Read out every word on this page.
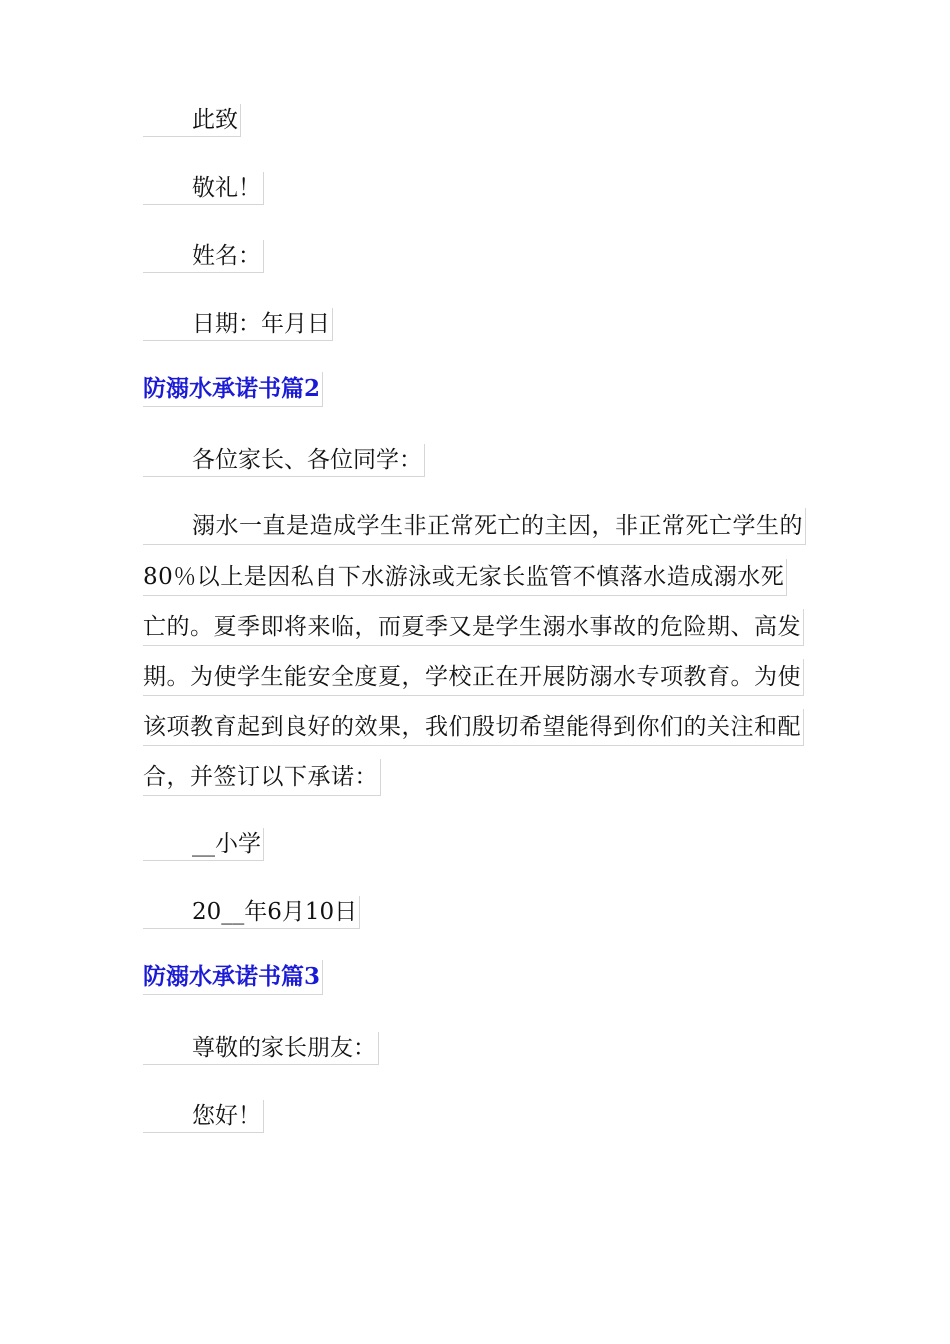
此致
敬礼！
姓名：
日期：年月日
防溺水承诺书篇2
各位家长、各位同学：
溺水一直是造成学生非正常死亡的主因，非正常死亡学生的
80％以上是因私自下水游泳或无家长监管不慎落水造成溺水死
亡的。夏季即将来临，而夏季又是学生溺水事故的危险期、高发
期。为使学生能安全度夏，学校正在开展防溺水专项教育。为使
该项教育起到良好的效果，我们殷切希望能得到你们的关注和配
合，并签订以下承诺：
__小学
20__年6月10日
防溺水承诺书篇3
尊敬的家长朋友：
您好！
